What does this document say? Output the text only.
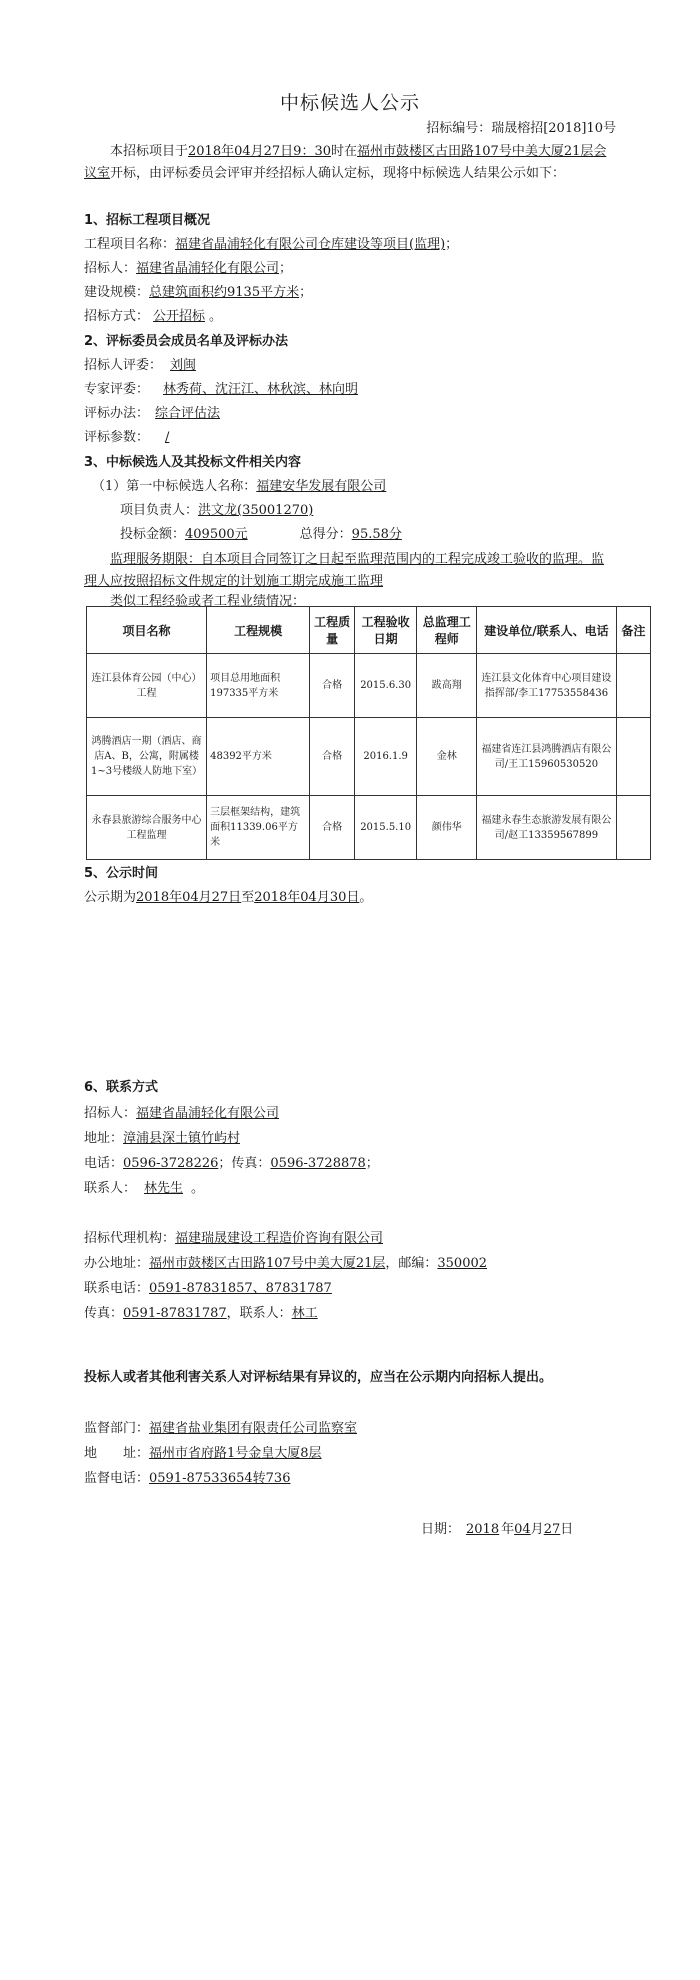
中标候选人公示
招标编号：瑞晟榕招[2018]10号
本招标项目于2018年04月27日9：30时在福州市鼓楼区古田路107号中美大厦21层会议室开标，由评标委员会评审并经招标人确认定标，现将中标候选人结果公示如下：
1、招标工程项目概况
工程项目名称：福建省晶浦轻化有限公司仓库建设等项目(监理)；
招标人：福建省晶浦轻化有限公司；
建设规模：总建筑面积约9135平方米；
招标方式： 公开招标 。
2、评标委员会成员名单及评标办法
招标人评委： 刘闽
专家评委： 林秀荷、沈汪江、林秋滨、林向明
评标办法： 综合评估法
评标参数： /
3、中标候选人及其投标文件相关内容
（1）第一中标候选人名称：福建安华发展有限公司
项目负责人：洪文龙(35001270)
投标金额：409500元	总得分：95.58分
监理服务期限：自本项目合同签订之日起至监理范围内的工程完成竣工验收的监理。监理人应按照招标文件规定的计划施工期完成施工监理
类似工程经验或者工程业绩情况：
项目名称	工程规模	工程质量	工程验收日期	总监理工程师	建设单位/联系人、电话	备注
连江县体育公园（中心）工程	项目总用地面积197335平方米	合格	2015.6.30	跋高翔	连江县文化体育中心项目建设指挥部/李工17753558436	
鸿腾酒店一期（酒店、商店A、B，公寓，附属楼1~3号楼级人防地下室）	48392平方米	合格	2016.1.9	金林	福建省连江县鸿腾酒店有限公司/王工15960530520	
永春县旅游综合服务中心工程监理	三层框架结构，建筑面积11339.06平方米	合格	2015.5.10	颜伟华	福建永春生态旅游发展有限公司/赵工13359567899	
5、公示时间
公示期为2018年04月27日至2018年04月30日。
6、联系方式
招标人：福建省晶浦轻化有限公司
地址：漳浦县深土镇竹屿村
电话：0596-3728226；传真：0596-3728878；
联系人： 林先生 。
招标代理机构：福建瑞晟建设工程造价咨询有限公司
办公地址：福州市鼓楼区古田路107号中美大厦21层，邮编：350002
联系电话：0591-87831857、87831787
传真：0591-87831787，联系人：林工
投标人或者其他利害关系人对评标结果有异议的，应当在公示期内向招标人提出。
监督部门：福建省盐业集团有限责任公司监察室
地　　址：福州市省府路1号金皇大厦8层
监督电话：0591-87533654转736
日期： 2018 年04月27日
